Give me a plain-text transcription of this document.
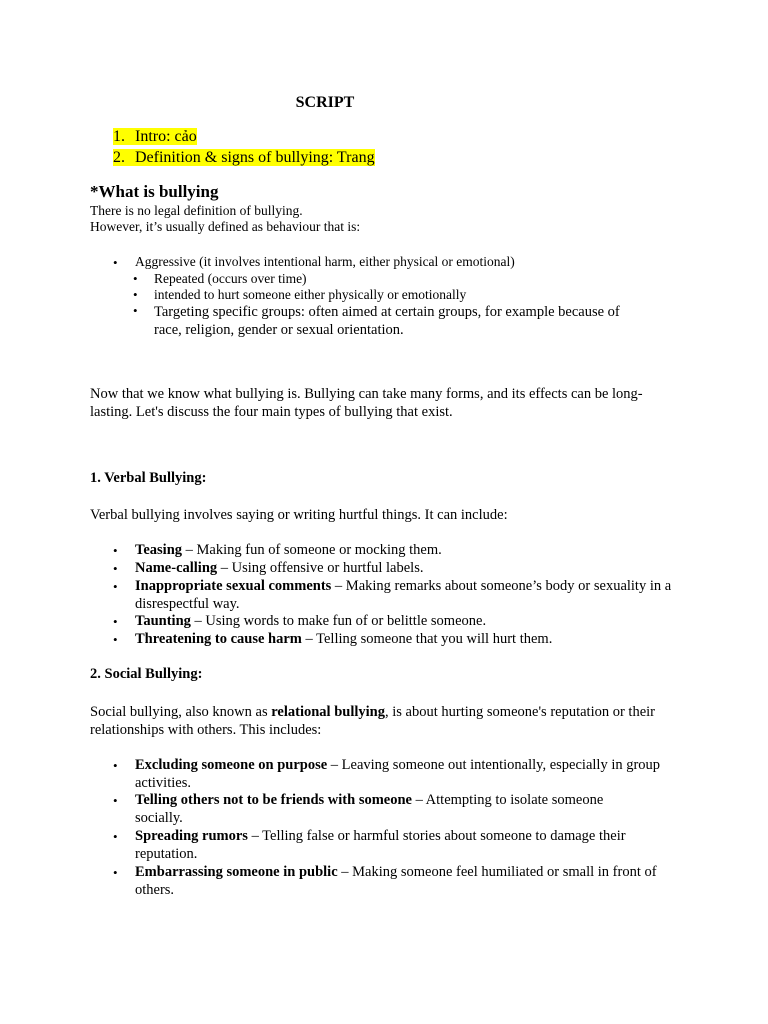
SCRIPT
1. Intro: cảo
2. Definition & signs of bullying: Trang
*What is bullying
There is no legal definition of bullying.
However, it’s usually defined as behaviour that is:
• Aggressive (it involves intentional harm, either physical or emotional)
• Repeated (occurs over time)
• intended to hurt someone either physically or emotionally
• Targeting specific groups: often aimed at certain groups, for example because of race, religion, gender or sexual orientation.
Now that we know what bullying is. Bullying can take many forms, and its effects can be long-lasting. Let's discuss the four main types of bullying that exist.
1. Verbal Bullying:
Verbal bullying involves saying or writing hurtful things. It can include:
• Teasing – Making fun of someone or mocking them.
• Name-calling – Using offensive or hurtful labels.
• Inappropriate sexual comments – Making remarks about someone’s body or sexuality in a disrespectful way.
• Taunting – Using words to make fun of or belittle someone.
• Threatening to cause harm – Telling someone that you will hurt them.
2. Social Bullying:
Social bullying, also known as relational bullying, is about hurting someone's reputation or their relationships with others. This includes:
• Excluding someone on purpose – Leaving someone out intentionally, especially in group activities.
• Telling others not to be friends with someone – Attempting to isolate someone socially.
• Spreading rumors – Telling false or harmful stories about someone to damage their reputation.
• Embarrassing someone in public – Making someone feel humiliated or small in front of others.
